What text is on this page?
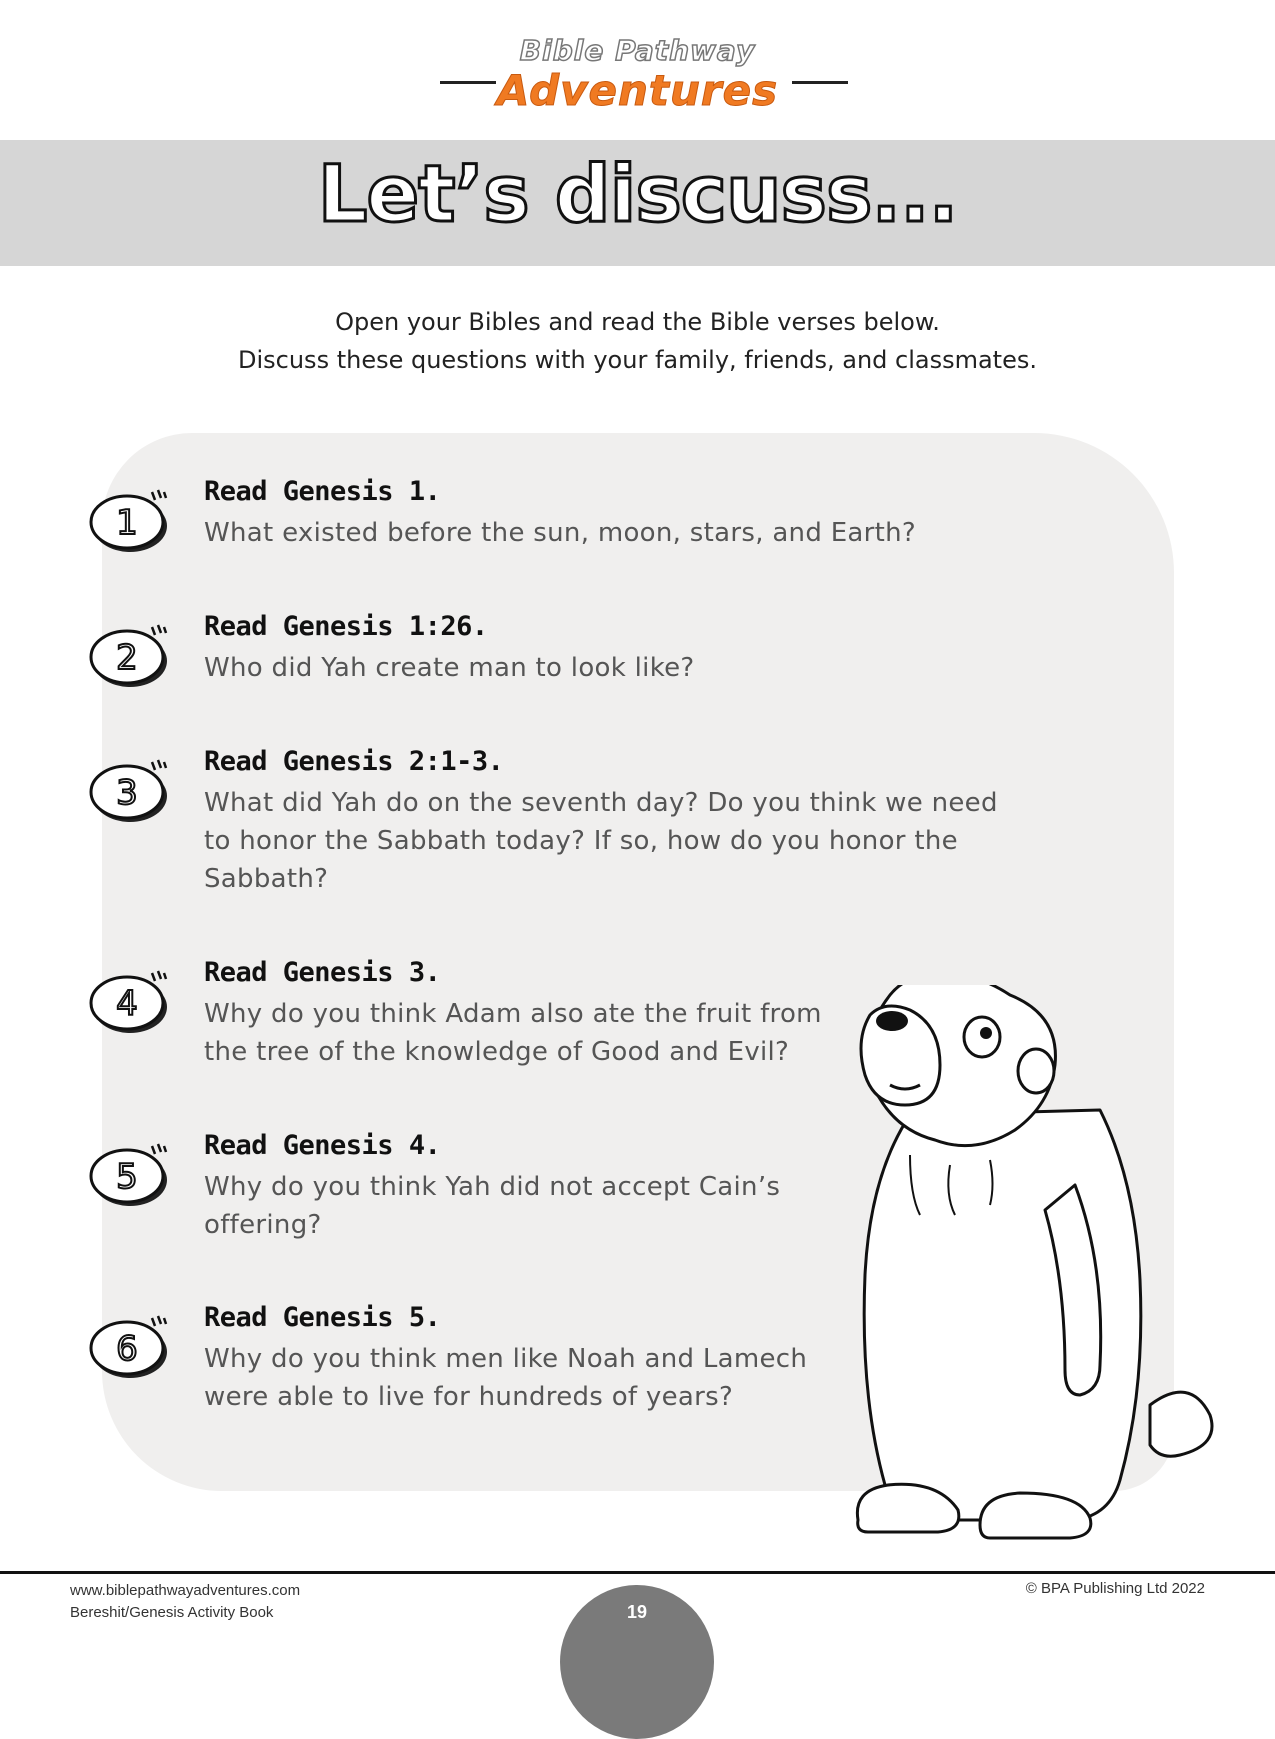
Bible Pathway
Adventures
Let’s discuss...
Open your Bibles and read the Bible verses below.
Discuss these questions with your family, friends, and classmates.
1
Read Genesis 1.
What existed before the sun, moon, stars, and Earth?
2
Read Genesis 1:26.
Who did Yah create man to look like?
3
Read Genesis 2:1-3.
What did Yah do on the seventh day? Do you think we need
to honor the Sabbath today? If so, how do you honor the
Sabbath?
4
Read Genesis 3.
Why do you think Adam also ate the fruit from
the tree of the knowledge of Good and Evil?
5
Read Genesis 4.
Why do you think Yah did not accept Cain’s
offering?
6
Read Genesis 5.
Why do you think men like Noah and Lamech
were able to live for hundreds of years?
www.biblepathwayadventures.com
Bereshit/Genesis Activity Book
© BPA Publishing Ltd 2022
19
